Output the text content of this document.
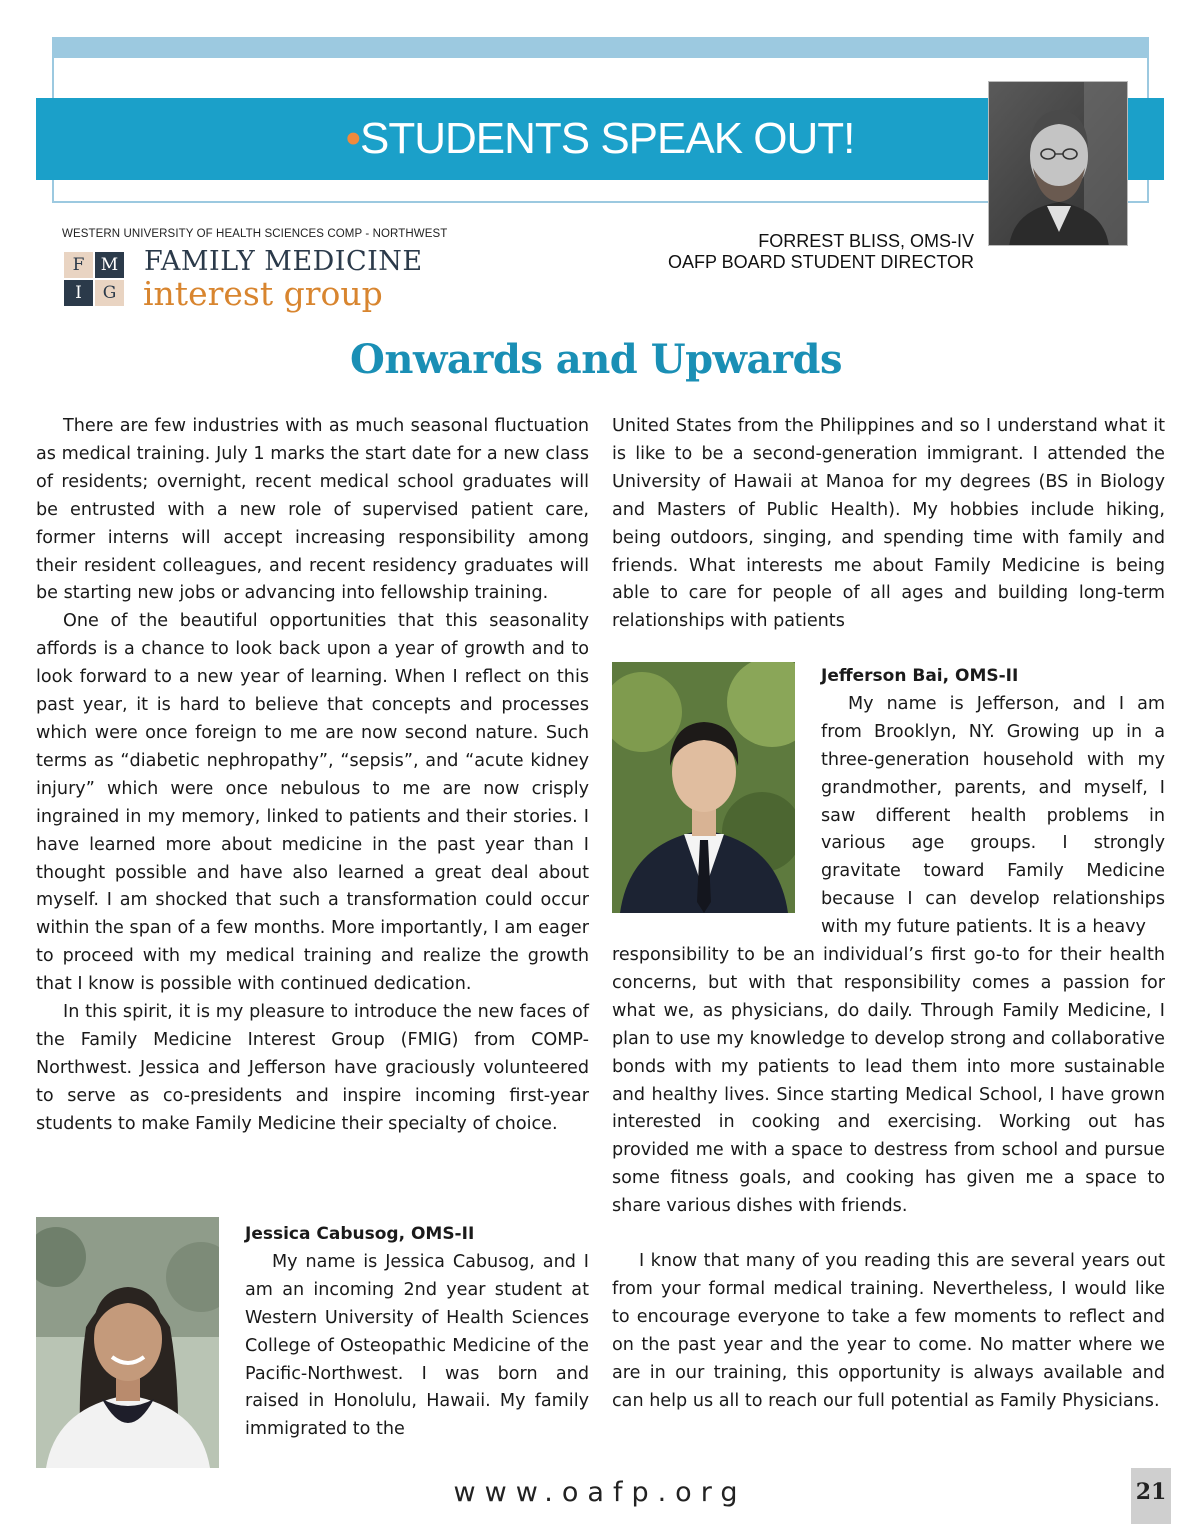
•STUDENTS SPEAK OUT!
FORREST BLISS, OMS-IV
OAFP BOARD STUDENT DIRECTOR
WESTERN UNIVERSITY OF HEALTH SCIENCES COMP - NORTHWEST
F M
I	G
FAMILY MEDICINE
interest group
Onwards and Upwards

There are few industries with as much seasonal fluctuation as medical training. July 1 marks the start date for a new class of residents; overnight, recent medical school graduates will be entrusted with a new role of supervised patient care, former interns will accept increasing responsibility among their resident colleagues, and recent residency graduates will be starting new jobs or advancing into fellowship training.

One of the beautiful opportunities that this seasonality affords is a chance to look back upon a year of growth and to look forward to a new year of learning. When I reflect on this past year, it is hard to believe that concepts and processes which were once foreign to me are now second nature. Such terms as “diabetic nephropathy”, “sepsis”, and “acute kidney injury” which were once nebulous to me are now crisply ingrained in my memory, linked to patients and their stories. I have learned more about medicine in the past year than I thought possible and have also learned a great deal about myself. I am shocked that such a transformation could occur within the span of a few months. More importantly, I am eager to proceed with my medical training and realize the growth that I know is possible with continued dedication.

In this spirit, it is my pleasure to introduce the new faces of the Family Medicine Interest Group (FMIG) from COMP-Northwest. Jessica and Jefferson have graciously volunteered to serve as co-presidents and inspire incoming first-year students to make Family Medicine their specialty of choice.

Jessica Cabusog, OMS-II

My name is Jessica Cabusog, and I am an incoming 2nd year student at Western University of Health Sciences College of Osteopathic Medicine of the Pacific-Northwest. I was born and raised in Honolulu, Hawaii. My family immigrated to the

United States from the Philippines and so I understand what it is like to be a second-generation immigrant. I attended the University of Hawaii at Manoa for my degrees (BS in Biology and Masters of Public Health). My hobbies include hiking, being outdoors, singing, and spending time with family and friends. What interests me about Family Medicine is being able to care for people of all ages and building long-term relationships with patients

Jefferson Bai, OMS-II

My name is Jefferson, and I am from Brooklyn, NY. Growing up in a three-generation household with my grandmother, parents, and myself, I saw different health problems in various age groups. I strongly gravitate toward Family Medicine because I can develop relationships with my future patients. It is a heavy

responsibility to be an individual’s first go-to for their health concerns, but with that responsibility comes a passion for what we, as physicians, do daily. Through Family Medicine, I plan to use my knowledge to develop strong and collaborative bonds with my patients to lead them into more sustainable and healthy lives. Since starting Medical School, I have grown interested in cooking and exercising. Working out has provided me with a space to destress from school and pursue some fitness goals, and cooking has given me a space to share various dishes with friends.

I know that many of you reading this are several years out from your formal medical training. Nevertheless, I would like to encourage everyone to take a few moments to reflect and on the past year and the year to come. No matter where we are in our training, this opportunity is always available and can help us all to reach our full potential as Family Physicians.

www.oafp.org	21
